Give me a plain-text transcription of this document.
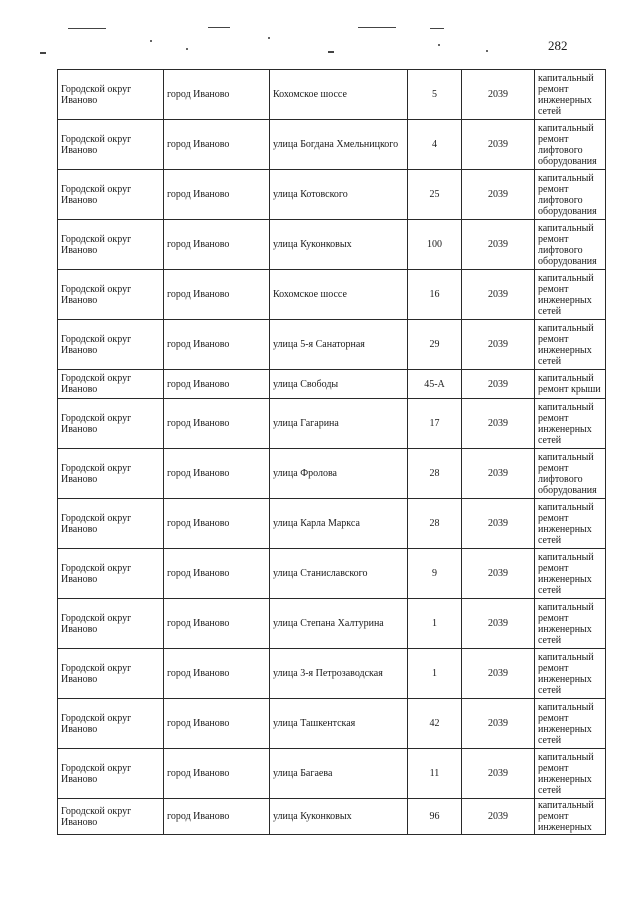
282
Городской округ Иваново	город Иваново	Кохомское шоссе	5	2039	капитальный ремонт инженерных сетей
Городской округ Иваново	город Иваново	улица Богдана Хмельницкого	4	2039	капитальный ремонт лифтового оборудования
Городской округ Иваново	город Иваново	улица Котовского	25	2039	капитальный ремонт лифтового оборудования
Городской округ Иваново	город Иваново	улица Куконковых	100	2039	капитальный ремонт лифтового оборудования
Городской округ Иваново	город Иваново	Кохомское шоссе	16	2039	капитальный ремонт инженерных сетей
Городской округ Иваново	город Иваново	улица 5-я Санаторная	29	2039	капитальный ремонт инженерных сетей
Городской округ Иваново	город Иваново	улица Свободы	45-А	2039	капитальный ремонт крыши
Городской округ Иваново	город Иваново	улица Гагарина	17	2039	капитальный ремонт инженерных сетей
Городской округ Иваново	город Иваново	улица Фролова	28	2039	капитальный ремонт лифтового оборудования
Городской округ Иваново	город Иваново	улица Карла Маркса	28	2039	капитальный ремонт инженерных сетей
Городской округ Иваново	город Иваново	улица Станиславского	9	2039	капитальный ремонт инженерных сетей
Городской округ Иваново	город Иваново	улица Степана Халтурина	1	2039	капитальный ремонт инженерных сетей
Городской округ Иваново	город Иваново	улица 3-я Петрозаводская	1	2039	капитальный ремонт инженерных сетей
Городской округ Иваново	город Иваново	улица Ташкентская	42	2039	капитальный ремонт инженерных сетей
Городской округ Иваново	город Иваново	улица Багаева	11	2039	капитальный ремонт инженерных сетей
Городской округ Иваново	город Иваново	улица Куконковых	96	2039	капитальный ремонт инженерных
